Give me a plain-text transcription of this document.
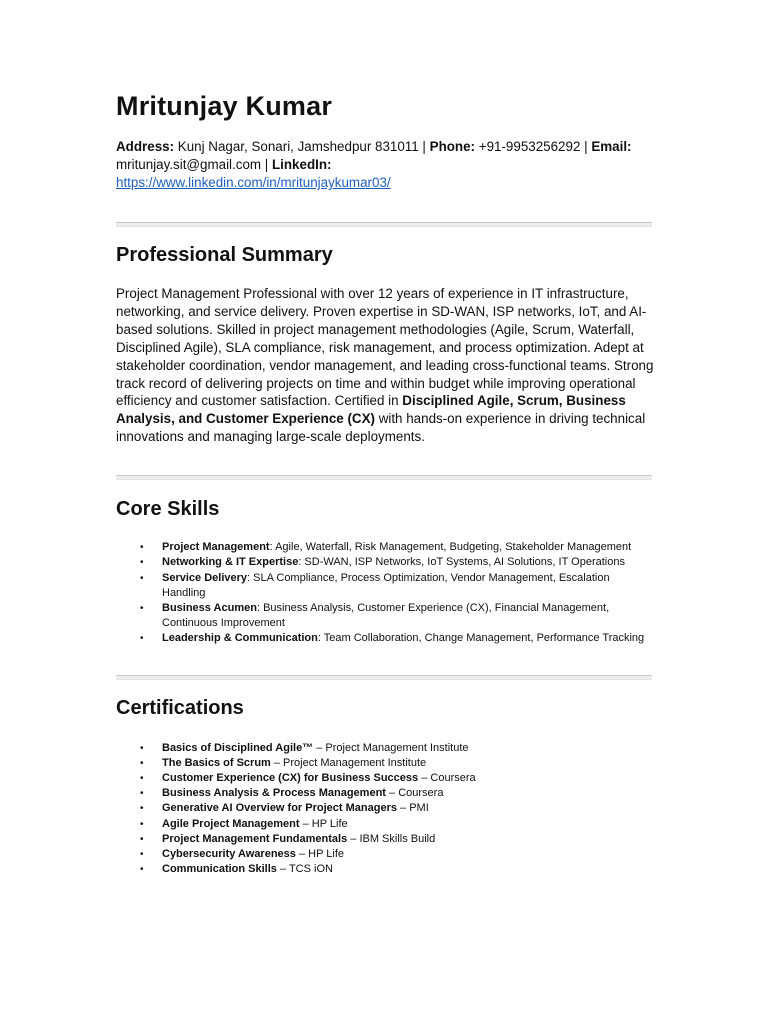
Mritunjay Kumar
Address: Kunj Nagar, Sonari, Jamshedpur 831011 | Phone: +91-9953256292 | Email: mritunjay.sit@gmail.com | LinkedIn:
https://www.linkedin.com/in/mritunjaykumar03/
Professional Summary

Project Management Professional with over 12 years of experience in IT infrastructure, networking, and service delivery. Proven expertise in SD-WAN, ISP networks, IoT, and AI-based solutions. Skilled in project management methodologies (Agile, Scrum, Waterfall, Disciplined Agile), SLA compliance, risk management, and process optimization. Adept at stakeholder coordination, vendor management, and leading cross-functional teams. Strong track record of delivering projects on time and within budget while improving operational efficiency and customer satisfaction. Certified in Disciplined Agile, Scrum, Business Analysis, and Customer Experience (CX) with hands-on experience in driving technical innovations and managing large-scale deployments.

Core Skills
• Project Management: Agile, Waterfall, Risk Management, Budgeting, Stakeholder Management
• Networking & IT Expertise: SD-WAN, ISP Networks, IoT Systems, AI Solutions, IT Operations
• Service Delivery: SLA Compliance, Process Optimization, Vendor Management, Escalation Handling
• Business Acumen: Business Analysis, Customer Experience (CX), Financial Management, Continuous Improvement
• Leadership & Communication: Team Collaboration, Change Management, Performance Tracking
Certifications
• Basics of Disciplined Agile™ – Project Management Institute
• The Basics of Scrum – Project Management Institute
• Customer Experience (CX) for Business Success – Coursera
• Business Analysis & Process Management – Coursera
• Generative AI Overview for Project Managers – PMI
• Agile Project Management – HP Life
• Project Management Fundamentals – IBM Skills Build
• Cybersecurity Awareness – HP Life
• Communication Skills – TCS iON
